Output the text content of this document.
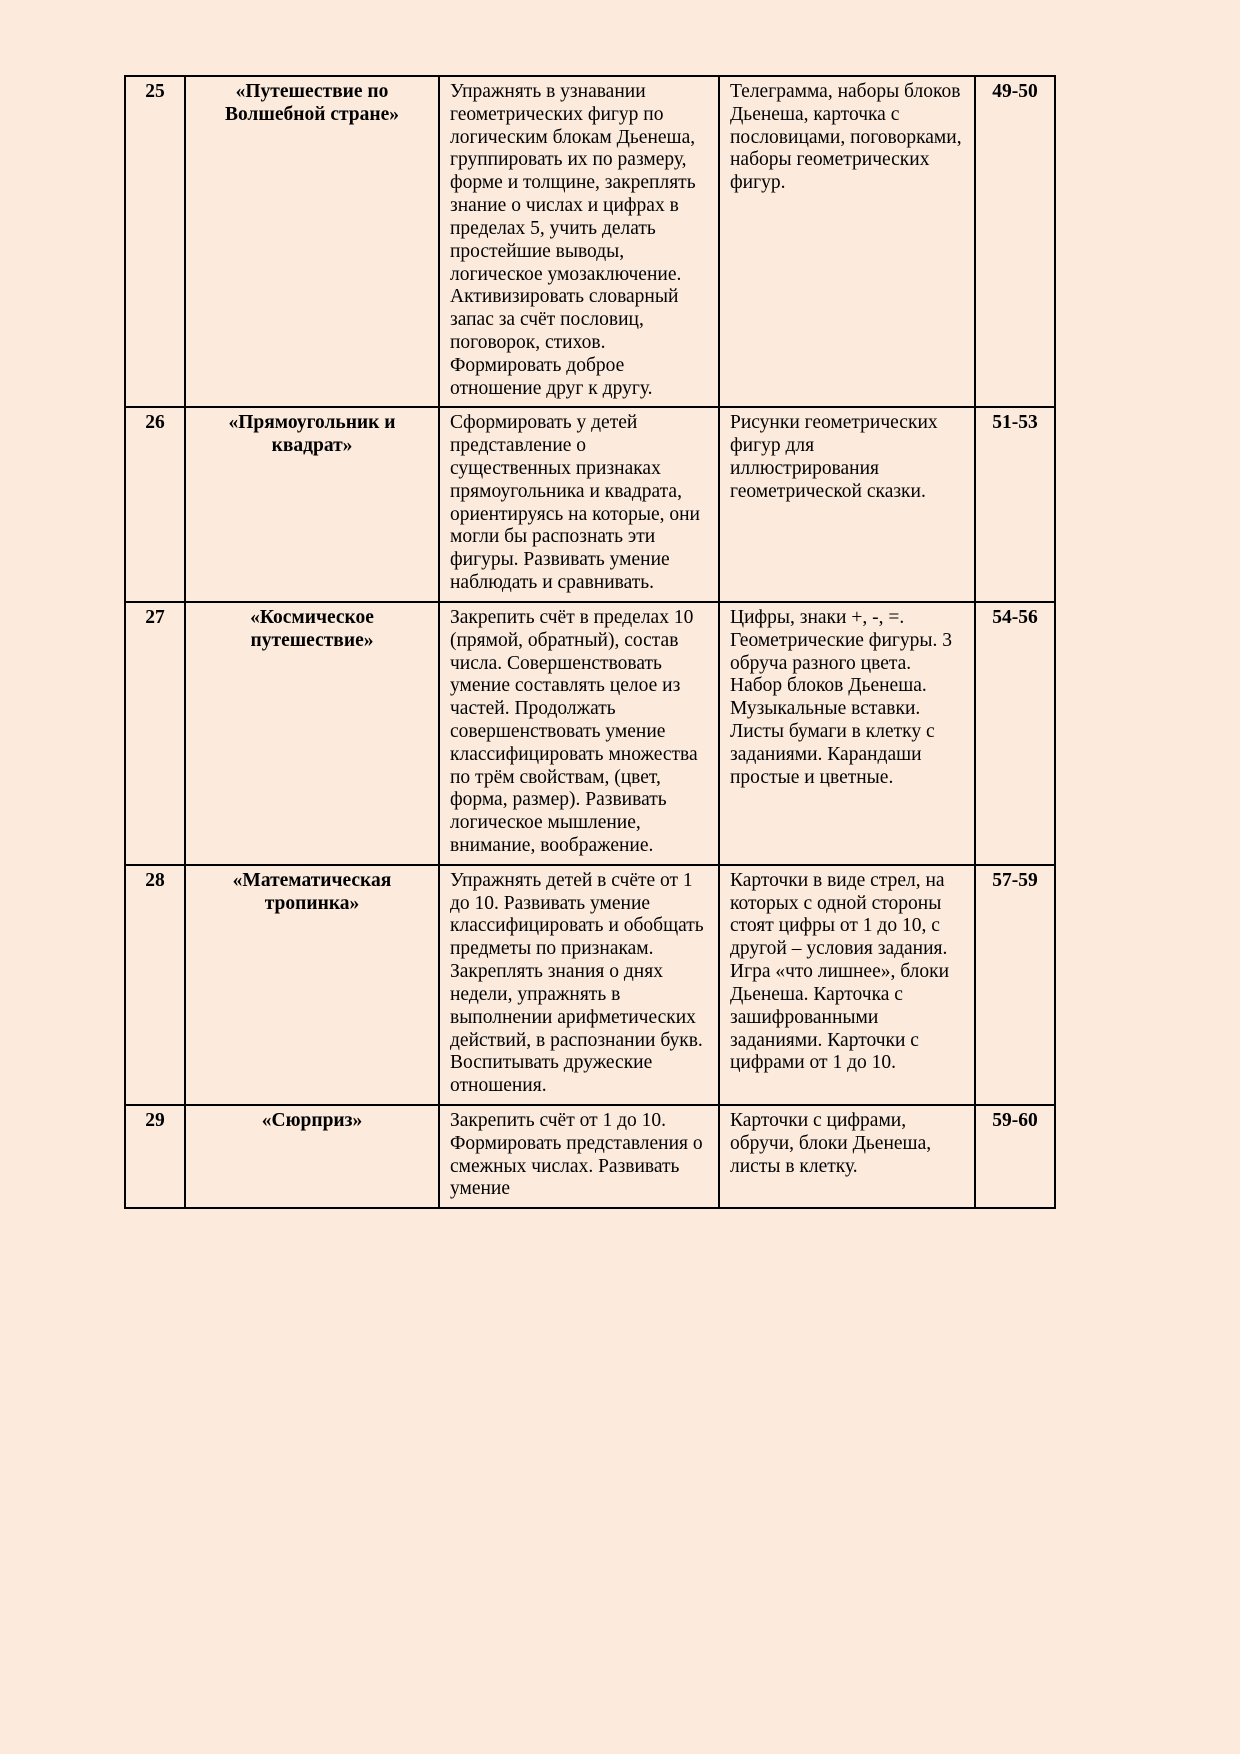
25	«Путешествие по Волшебной стране»	Упражнять в узнавании геометрических фигур по логическим блокам Дьенеша, группировать их по размеру, форме и толщине, закреплять знание о числах и цифрах в пределах 5, учить делать простейшие выводы, логическое умозаключение. Активизировать словарный запас за счёт пословиц, поговорок, стихов. Формировать доброе отношение друг к другу.	Телеграмма, наборы блоков Дьенеша, карточка с пословицами, поговорками, наборы геометрических фигур.	49-50
26	«Прямоугольник и квадрат»	Сформировать у детей представление о существенных признаках прямоугольника и квадрата, ориентируясь на которые, они могли бы распознать эти фигуры. Развивать умение наблюдать и сравнивать.	Рисунки геометрических фигур для иллюстрирования геометрической сказки.	51-53
27	«Космическое путешествие»	Закрепить счёт в пределах 10 (прямой, обратный), состав числа. Совершенствовать умение составлять целое из частей. Продолжать совершенствовать умение классифицировать множества по трём свойствам, (цвет, форма, размер). Развивать логическое мышление, внимание, воображение.	Цифры, знаки +, -, =. Геометрические фигуры. 3 обруча разного цвета. Набор блоков Дьенеша. Музыкальные вставки. Листы бумаги в клетку с заданиями. Карандаши простые и цветные.	54-56
28	«Математическая тропинка»	Упражнять детей в счёте от 1 до 10. Развивать умение классифицировать и обобщать предметы по признакам. Закреплять знания о днях недели, упражнять в выполнении арифметических действий, в распознании букв. Воспитывать дружеские отношения.	Карточки в виде стрел, на которых с одной стороны стоят цифры от 1 до 10, с другой – условия задания. Игра «что лишнее», блоки Дьенеша. Карточка с зашифрованными заданиями. Карточки с цифрами от 1 до 10.	57-59
29	«Сюрприз»	Закрепить счёт от 1 до 10. Формировать представления о смежных числах. Развивать умение	Карточки с цифрами, обручи, блоки Дьенеша, листы в клетку.	59-60
